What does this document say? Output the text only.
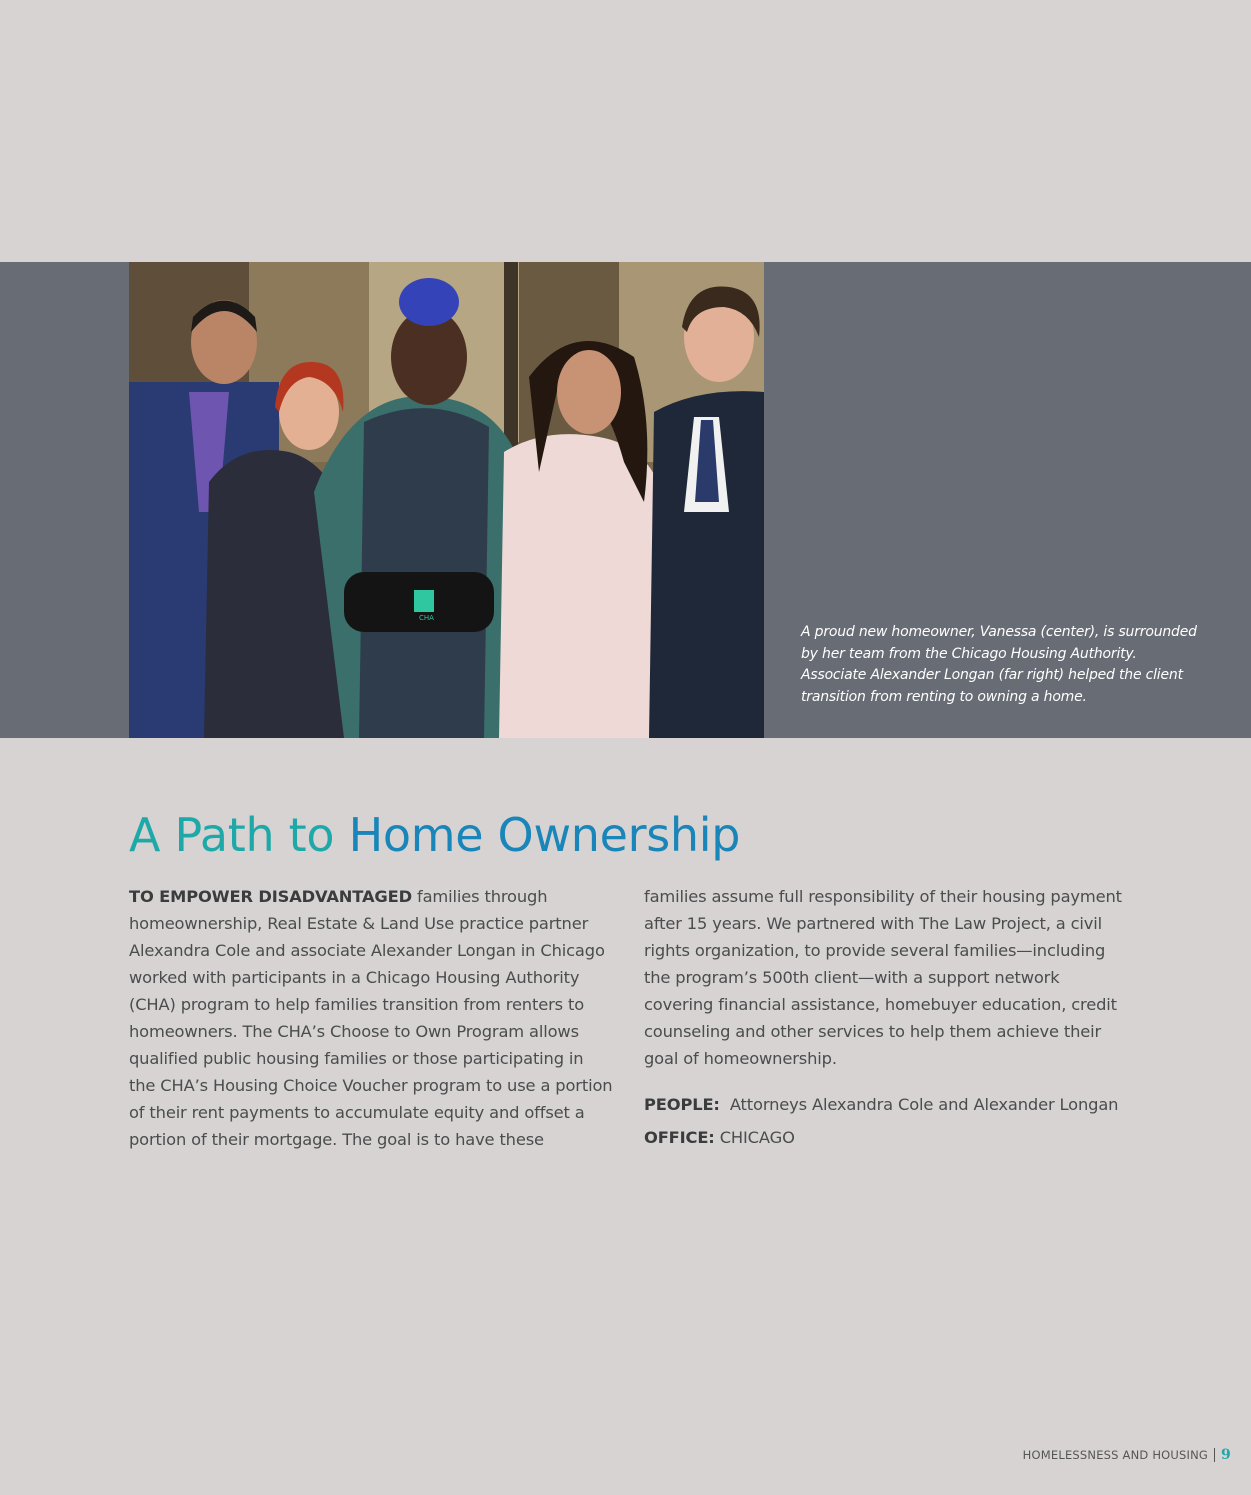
CHA
A proud new homeowner, Vanessa (center), is surrounded by her team from the Chicago Housing Authority. Associate Alexander Longan (far right) helped the client transition from renting to owning a home.
A Path to Home Ownership

TO EMPOWER DISADVANTAGED families through homeownership, Real Estate & Land Use practice partner Alexandra Cole and associate Alexander Longan in Chicago worked with participants in a Chicago Housing Authority (CHA) program to help families transition from renters to homeowners. The CHA’s Choose to Own Program allows qualified public housing families or those participating in the CHA’s Housing Choice Voucher program to use a portion of their rent payments to accumulate equity and offset a portion of their mortgage. The goal is to have these

families assume full responsibility of their housing payment after 15 years. We partnered with The Law Project, a civil rights organization, to provide several families—including the program’s 500th client—with a support network covering financial assistance, homebuyer education, credit counseling and other services to help them achieve their goal of homeownership.

PEOPLE: Attorneys Alexandra Cole and Alexander Longan

OFFICE: CHICAGO

HOMELESSNESS AND HOUSING 9
